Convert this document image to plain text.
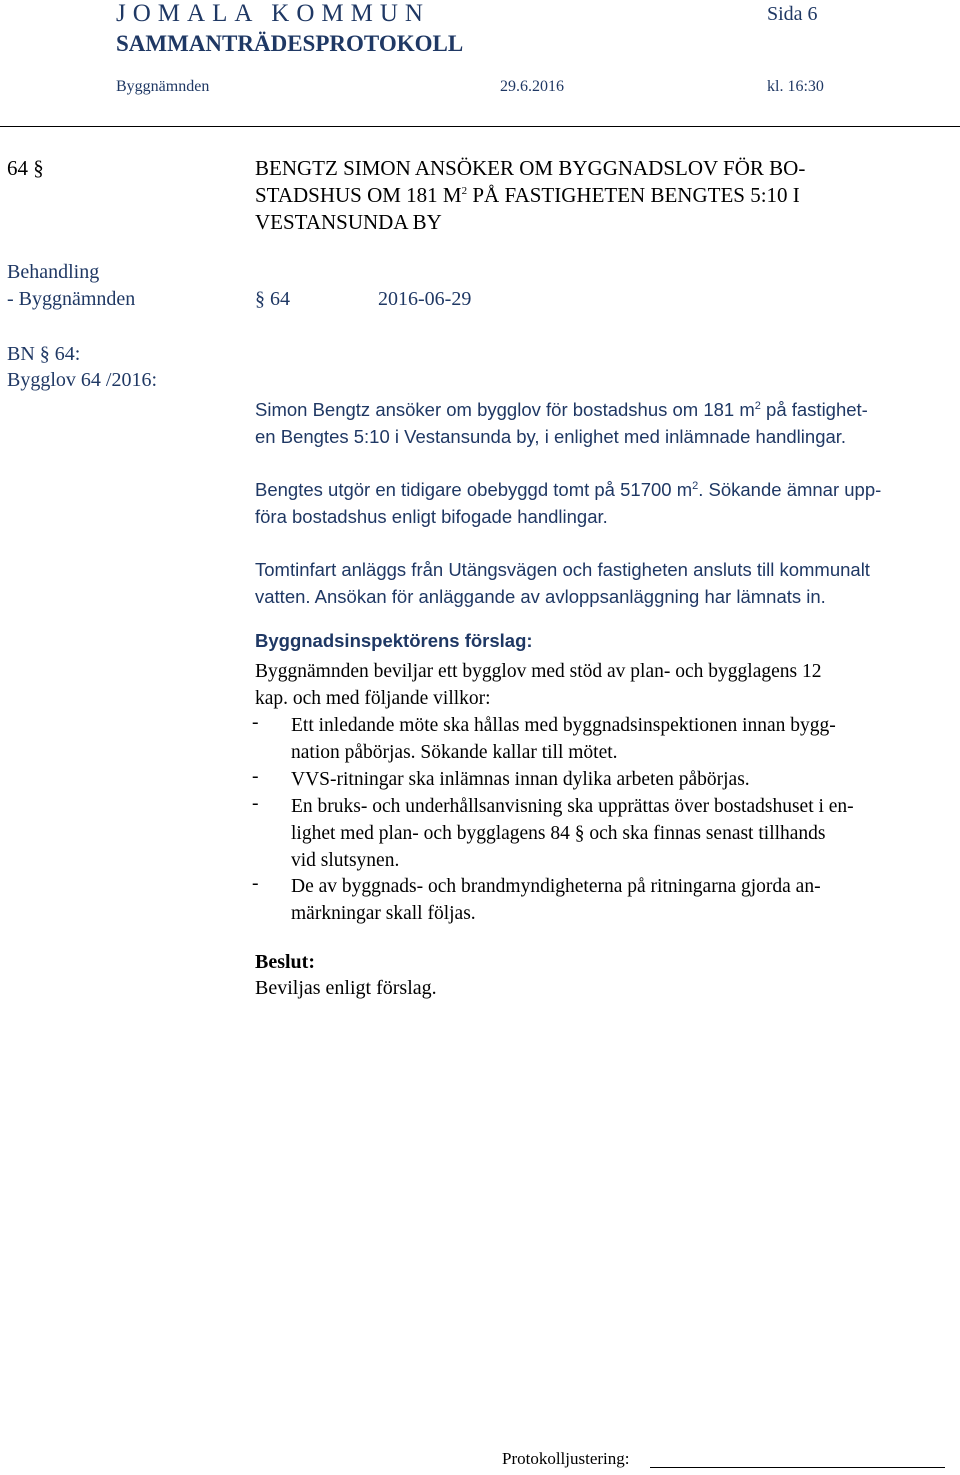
JOMALA KOMMUN	Sida 6
SAMMANTRÄDESPROTOKOLL
Byggnämnden	29.6.2016	kl. 16:30
64 §	BENGTZ SIMON ANSÖKER OM BYGGNADSLOV FÖR BO-
STADSHUS OM 181 $M^2$ PÅ FASTIGHETEN BENGTES 5:10 I
VESTANSUNDA BY
Behandling
- Byggnämnden	§ 64	2016-06-29
BN § 64:
Bygglov 64 /2016:
Simon Bengtz ansöker om bygglov för bostadshus om 181 $m^2$ på fastighet-
en Bengtes 5:10 i Vestansunda by, i enlighet med inlämnade handlingar.
Bengtes utgör en tidigare obebyggd tomt på 51700 $m^2$. Sökande ämnar upp-
föra bostadshus enligt bifogade handlingar.
Tomtinfart anläggs från Utängsvägen och fastigheten ansluts till kommunalt
vatten. Ansökan för anläggande av avloppsanläggning har lämnats in.
Byggnadsinspektörens förslag:
Byggnämnden beviljar ett bygglov med stöd av plan- och bygglagens 12
kap. och med följande villkor:
- Ett inledande möte ska hållas med byggnadsinspektionen innan bygg-
nation påbörjas. Sökande kallar till mötet.
- VVS-ritningar ska inlämnas innan dylika arbeten påbörjas.
- En bruks- och underhållsanvisning ska upprättas över bostadshuset i en-
lighet med plan- och bygglagens 84 § och ska finnas senast tillhands
vid slutsynen.
- De av byggnads- och brandmyndigheterna på ritningarna gjorda an-
märkningar skall följas.
Beslut:
Beviljas enligt förslag.
Protokolljustering:
